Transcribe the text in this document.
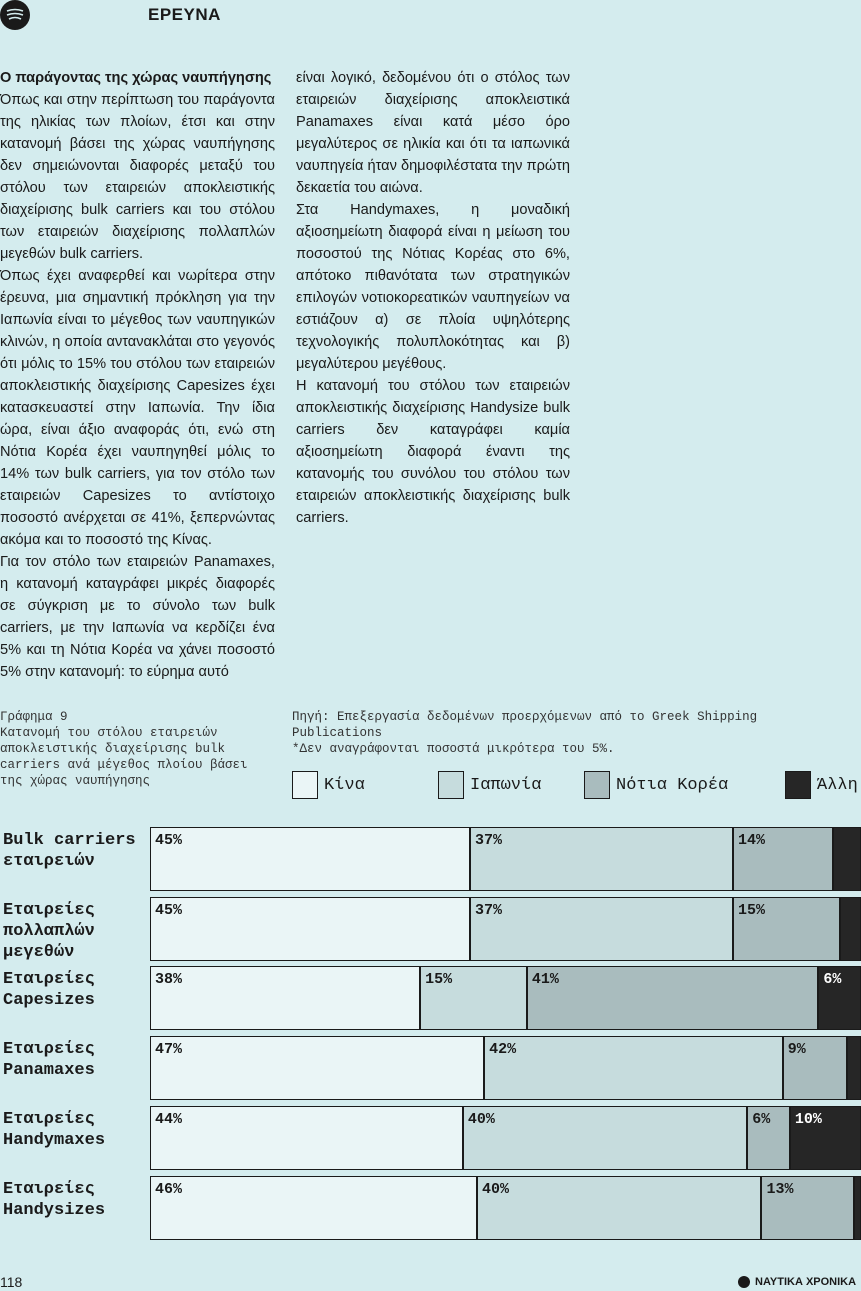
ΕΡΕΥΝΑ

Ο παράγοντας της χώρας ναυπήγησης
Όπως και στην περίπτωση του παράγοντα της ηλικίας των πλοίων, έτσι και στην κατανομή βάσει της χώρας ναυπήγησης δεν σημειώνονται διαφορές μεταξύ του στόλου των εταιρειών αποκλειστικής διαχείρισης bulk carriers και του στόλου των εταιρειών διαχείρισης πολλαπλών μεγεθών bulk carriers.

Όπως έχει αναφερθεί και νωρίτερα στην έρευνα, μια σημαντική πρόκληση για την Ιαπωνία είναι το μέγεθος των ναυπηγικών κλινών, η οποία αντανακλάται στο γεγονός ότι μόλις το 15% του στόλου των εταιρειών αποκλειστικής διαχείρισης Capesizes έχει κατασκευαστεί στην Ιαπωνία. Την ίδια ώρα, είναι άξιο αναφοράς ότι, ενώ στη Νότια Κορέα έχει ναυπηγηθεί μόλις το 14% των bulk carriers, για τον στόλο των εταιρειών Capesizes το αντίστοιχο ποσοστό ανέρχεται σε 41%, ξεπερνώντας ακόμα και το ποσοστό της Κίνας.

Για τον στόλο των εταιρειών Panamaxes, η κατανομή καταγράφει μικρές διαφορές σε σύγκριση με το σύνολο των bulk carriers, με την Ιαπωνία να κερδίζει ένα 5% και τη Νότια Κορέα να χάνει ποσοστό 5% στην κατανομή: το εύρημα αυτό

είναι λογικό, δεδομένου ότι ο στόλος των εταιρειών διαχείρισης αποκλειστικά Panamaxes είναι κατά μέσο όρο μεγαλύτερος σε ηλικία και ότι τα ιαπωνικά ναυπηγεία ήταν δημοφιλέστατα την πρώτη δεκαετία του αιώνα.

Στα Handymaxes, η μοναδική αξιοσημείωτη διαφορά είναι η μείωση του ποσοστού της Νότιας Κορέας στο 6%, απότοκο πιθανότατα των στρατηγικών επιλογών νοτιοκορεατικών ναυπηγείων να εστιάζουν α) σε πλοία υψηλότερης τεχνολογικής πολυπλοκότητας και β) μεγαλύτερου μεγέθους.

Η κατανομή του στόλου των εταιρειών αποκλειστικής διαχείρισης Handysize bulk carriers δεν καταγράφει καμία αξιοσημείωτη διαφορά έναντι της κατανομής του συνόλου του στόλου των εταιρειών αποκλειστικής διαχείρισης bulk carriers.

Γράφημα 9
Κατανομή του στόλου εταιρειών αποκλειστικής διαχείρισης bulk carriers ανά μέγεθος πλοίου βάσει της χώρας ναυπήγησης
Πηγή: Επεξεργασία δεδομένων προερχόμενων από το Greek Shipping Publications
*Δεν αναγράφονται ποσοστά μικρότερα του 5%.
Κίνα	Ιαπωνία	Νότια Κορέα	Άλλη
Bulk carriers εταιρειών
45%	37%	14%
Εταιρείες πολλαπλών μεγεθών
45%	37%	15%
Εταιρείες Capesizes
38%	15%	41%	6%
Εταιρείες Panamaxes
47%	42%	9%
Εταιρείες Handymaxes
44%	40%	6% 10%
Εταιρείες Handysizes
46%	40%	13%
118	ΝΑΥΤΙΚΑ ΧΡΟΝΙΚΑ
